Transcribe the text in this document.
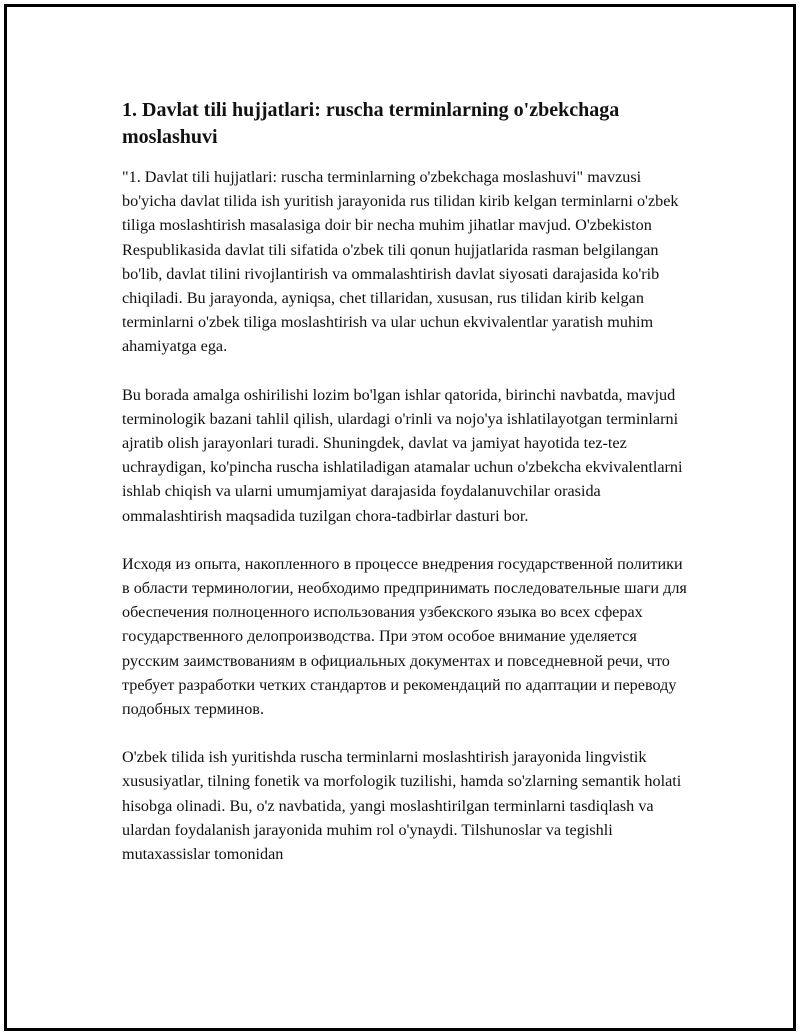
1. Davlat tili hujjatlari: ruscha terminlarning o'zbekchaga moslashuvi

"1. Davlat tili hujjatlari: ruscha terminlarning o'zbekchaga moslashuvi" mavzusi bo'yicha davlat tilida ish yuritish jarayonida rus tilidan kirib kelgan terminlarni o'zbek tiliga moslashtirish masalasiga doir bir necha muhim jihatlar mavjud. O'zbekiston Respublikasida davlat tili sifatida o'zbek tili qonun hujjatlarida rasman belgilangan bo'lib, davlat tilini rivojlantirish va ommalashtirish davlat siyosati darajasida ko'rib chiqiladi. Bu jarayonda, ayniqsa, chet tillaridan, xususan, rus tilidan kirib kelgan terminlarni o'zbek tiliga moslashtirish va ular uchun ekvivalentlar yaratish muhim ahamiyatga ega.

Bu borada amalga oshirilishi lozim bo'lgan ishlar qatorida, birinchi navbatda, mavjud terminologik bazani tahlil qilish, ulardagi o'rinli va nojo'ya ishlatilayotgan terminlarni ajratib olish jarayonlari turadi. Shuningdek, davlat va jamiyat hayotida tez-tez uchraydigan, ko'pincha ruscha ishlatiladigan atamalar uchun o'zbekcha ekvivalentlarni ishlab chiqish va ularni umumjamiyat darajasida foydalanuvchilar orasida ommalashtirish maqsadida tuzilgan chora-tadbirlar dasturi bor.

Исходя из опыта, накопленного в процессе внедрения государственной политики в области терминологии, необходимо предпринимать последовательные шаги для обеспечения полноценного использования узбекского языка во всех сферах государственного делопроизводства. При этом особое внимание уделяется русским заимствованиям в официальных документах и повседневной речи, что требует разработки четких стандартов и рекомендаций по адаптации и переводу подобных терминов.

O'zbek tilida ish yuritishda ruscha terminlarni moslashtirish jarayonida lingvistik xususiyatlar, tilning fonetik va morfologik tuzilishi, hamda so'zlarning semantik holati hisobga olinadi. Bu, o'z navbatida, yangi moslashtirilgan terminlarni tasdiqlash va ulardan foydalanish jarayonida muhim rol o'ynaydi. Tilshunoslar va tegishli mutaxassislar tomonidan
